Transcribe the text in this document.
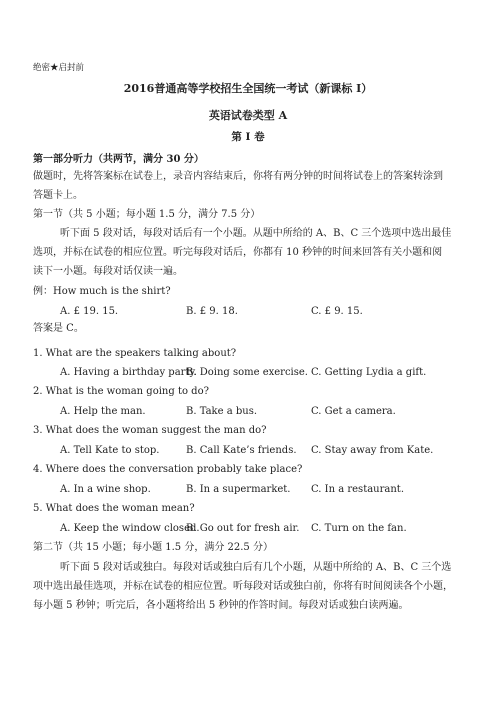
绝密★启封前
2016普通高等学校招生全国统一考试（新课标 I）
英语试卷类型 A
第 I 卷
第一部分听力（共两节，满分 30 分）
做题时，先将答案标在试卷上，录音内容结束后，你将有两分钟的时间将试卷上的答案转涂到
答题卡上。
第一节（共 5 小题；每小题 1.5 分，满分 7.5 分）
听下面 5 段对话，每段对话后有一个小题。从题中所给的 A、B、C 三个选项中选出最佳
选项，并标在试卷的相应位置。听完每段对话后，你都有 10 秒钟的时间来回答有关小题和阅
读下一小题。每段对话仅读一遍。
例：How much is the shirt?
A. £ 19. 15.	B. £ 9. 18.	C. £ 9. 15.
答案是 C。
1. What are the speakers talking about?
A. Having a birthday party.
B. Doing some exercise. C. Getting Lydia a gift.
2. What is the woman going to do?
A. Help the man.	B. Take a bus.	C. Get a camera.
3. What does the woman suggest the man do?
A. Tell Kate to stop.	B. Call Kate’s friends. C. Stay away from Kate.
4. Where does the conversation probably take place?
A. In a wine shop.	B. In a supermarket. C. In a restaurant.
5. What does the woman mean?
A. Keep the window closed.
B. Go out for fresh air. C. Turn on the fan.
第二节（共 15 小题；每小题 1.5 分，满分 22.5 分）
听下面 5 段对话或独白。每段对话或独白后有几个小题，从题中所给的 A、B、C 三个选
项中选出最佳选项，并标在试卷的相应位置。听每段对话或独白前，你将有时间阅读各个小题，
每小题 5 秒钟；听完后，各小题将给出 5 秒钟的作答时间。每段对话或独白读两遍。
